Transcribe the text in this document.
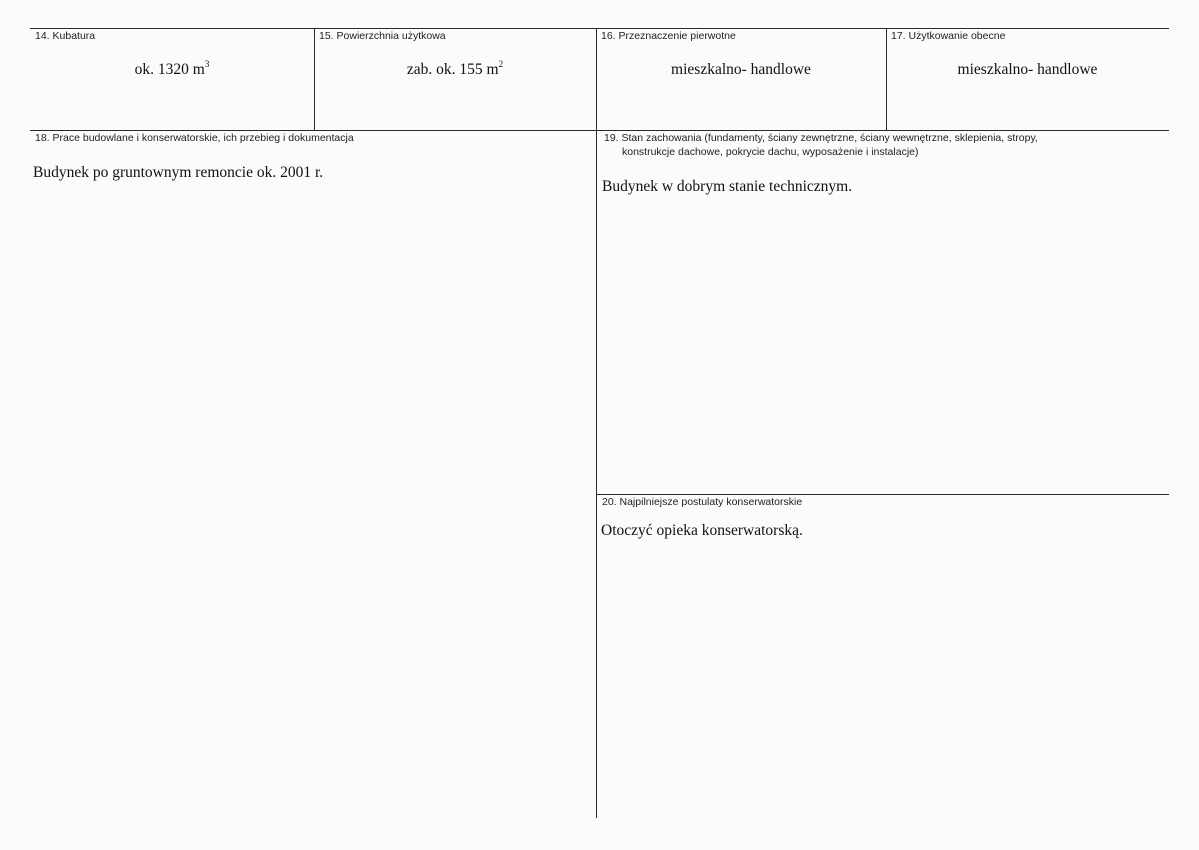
14. Kubatura
ok. 1320 $m^3$
15. Powierzchnia użytkowa
zab. ok. 155 $m^2$
16. Przeznaczenie pierwotne
mieszkalno- handlowe
17. Użytkowanie obecne
mieszkalno- handlowe
18. Prace budowlane i konserwatorskie, ich przebieg i dokumentacja
Budynek po gruntownym remoncie ok. 2001 r.
19. Stan zachowania (fundamenty, ściany zewnętrzne, ściany wewnętrzne, sklepienia, stropy,
konstrukcje dachowe, pokrycie dachu, wyposażenie i instalacje)
Budynek w dobrym stanie technicznym.
20. Najpilniejsze postulaty konserwatorskie
Otoczyć opieka konserwatorską.
